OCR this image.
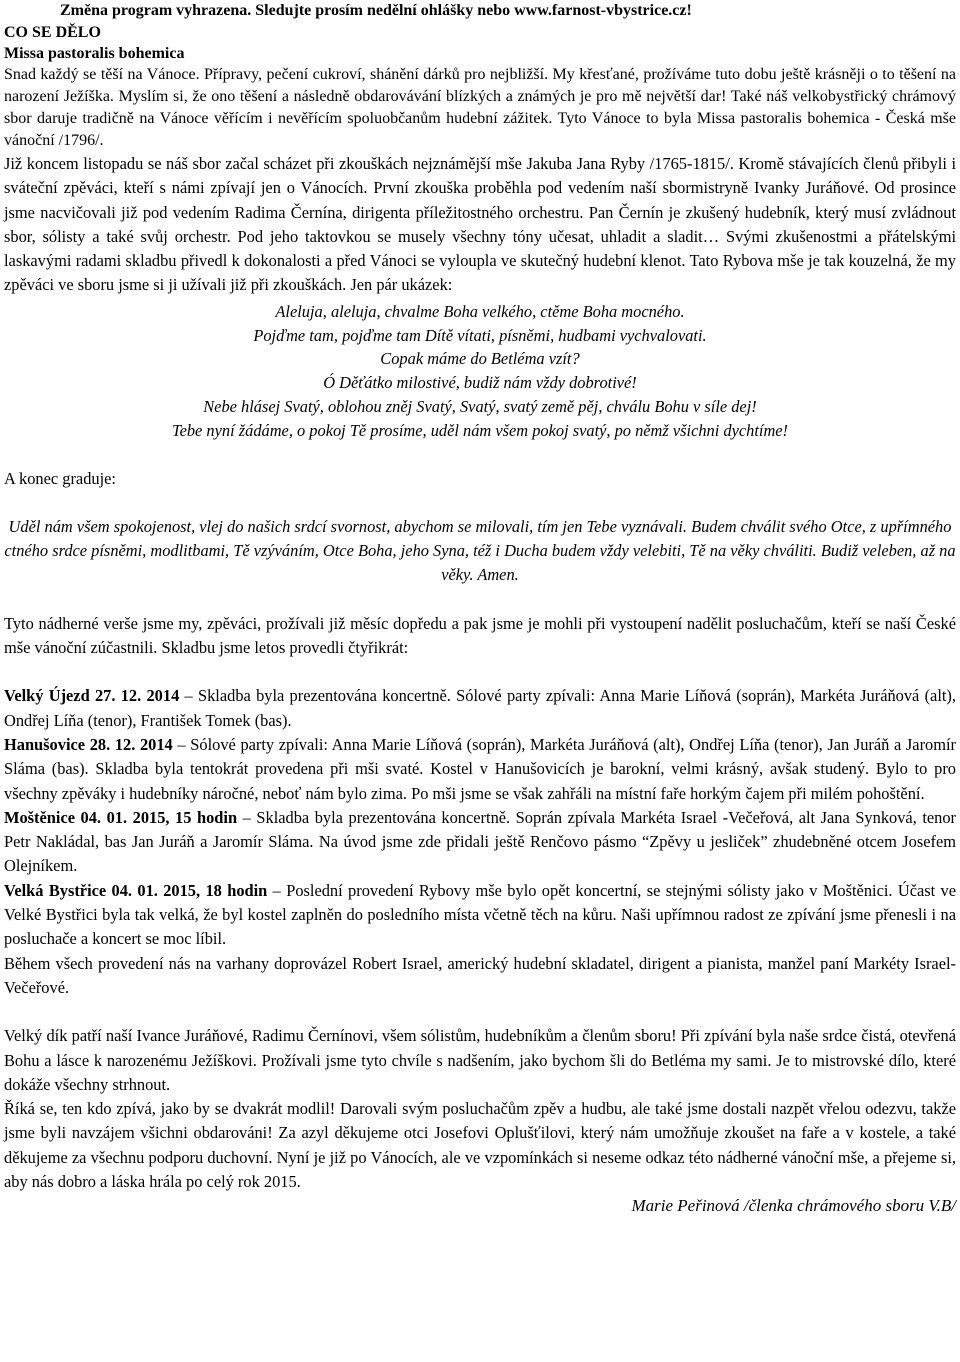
Změna program vyhrazena. Sledujte prosím nedělní ohlášky nebo www.farnost-vbystrice.cz!

CO SE DĚLO
Missa pastoralis bohemica

Snad každý se těší na Vánoce. Přípravy, pečení cukroví, shánění dárků pro nejbližší. My křesťané, prožíváme tuto dobu ještě krásněji o to těšení na narození Ježíška. Myslím si, že ono těšení a následně obdarovávání blízkých a známých je pro mě největší dar! Také náš velkobystřický chrámový sbor daruje tradičně na Vánoce věřícím i nevěřícím spoluobčanům hudební zážitek. Tyto Vánoce to byla Missa pastoralis bohemica - Česká mše vánoční /1796/.

Již koncem listopadu se náš sbor začal scházet při zkouškách nejznámější mše Jakuba Jana Ryby /1765-1815/. Kromě stávajících členů přibyli i sváteční zpěváci, kteří s námi zpívají jen o Vánocích. První zkouška proběhla pod vedením naší sbormistryně Ivanky Juráňové. Od prosince jsme nacvičovali již pod vedením Radima Černína, dirigenta příležitostného orchestru. Pan Černín je zkušený hudebník, který musí zvládnout sbor, sólisty a také svůj orchestr. Pod jeho taktovkou se musely všechny tóny učesat, uhladit a sladit… Svými zkušenostmi a přátelskými laskavými radami skladbu přivedl k dokonalosti a před Vánoci se vyloupla ve skutečný hudební klenot. Tato Rybova mše je tak kouzelná, že my zpěváci ve sboru jsme si ji užívali již při zkouškách. Jen pár ukázek:

Aleluja, aleluja, chvalme Boha velkého, ctěme Boha mocného.

Pojďme tam, pojďme tam Dítě vítati, písněmi, hudbami vychvalovati.

Copak máme do Betléma vzít?

Ó Děťátko milostivé, budiž nám vždy dobrotivé!

Nebe hlásej Svatý, oblohou zněj Svatý, Svatý, svatý země pěj, chválu Bohu v síle dej!

Tebe nyní žádáme, o pokoj Tě prosíme, uděl nám všem pokoj svatý, po němž všichni dychtíme!

A konec graduje:

Uděl nám všem spokojenost, vlej do našich srdcí svornost, abychom se milovali, tím jen Tebe vyznávali. Budem chválit svého Otce, z upřímného ctného srdce písněmi, modlitbami, Tě vzýváním, Otce Boha, jeho Syna, též i Ducha budem vždy velebiti, Tě na věky chváliti. Budiž veleben, až na věky. Amen.

Tyto nádherné verše jsme my, zpěváci, prožívali již měsíc dopředu a pak jsme je mohli při vystoupení nadělit posluchačům, kteří se naší České mše vánoční zúčastnili. Skladbu jsme letos provedli čtyřikrát:

Velký Újezd 27. 12. 2014 – Skladba byla prezentována koncertně. Sólové party zpívali: Anna Marie Líňová (soprán), Markéta Juráňová (alt), Ondřej Líňa (tenor), František Tomek (bas).

Hanušovice 28. 12. 2014 – Sólové party zpívali: Anna Marie Líňová (soprán), Markéta Juráňová (alt), Ondřej Líňa (tenor), Jan Juráň a Jaromír Sláma (bas). Skladba byla tentokrát provedena při mši svaté. Kostel v Hanušovicích je barokní, velmi krásný, avšak studený. Bylo to pro všechny zpěváky i hudebníky náročné, neboť nám bylo zima. Po mši jsme se však zahřáli na místní faře horkým čajem při milém pohoštění.

Moštěnice 04. 01. 2015, 15 hodin – Skladba byla prezentována koncertně. Soprán zpívala Markéta Israel -Večeřová, alt Jana Synková, tenor Petr Nakládal, bas Jan Juráň a Jaromír Sláma. Na úvod jsme zde přidali ještě Renčovo pásmo “Zpěvy u jesliček” zhudebněné otcem Josefem Olejníkem.

Velká Bystřice 04. 01. 2015, 18 hodin – Poslední provedení Rybovy mše bylo opět koncertní, se stejnými sólisty jako v Moštěnici. Účast ve Velké Bystřici byla tak velká, že byl kostel zaplněn do posledního místa včetně těch na kůru. Naši upřímnou radost ze zpívání jsme přenesli i na posluchače a koncert se moc líbil.

Během všech provedení nás na varhany doprovázel Robert Israel, americký hudební skladatel, dirigent a pianista, manžel paní Markéty Israel-Večeřové.

Velký dík patří naší Ivance Juráňové, Radimu Černínovi, všem sólistům, hudebníkům a členům sboru! Při zpívání byla naše srdce čistá, otevřená Bohu a lásce k narozenému Ježíškovi. Prožívali jsme tyto chvíle s nadšením, jako bychom šli do Betléma my sami. Je to mistrovské dílo, které dokáže všechny strhnout.

Říká se, ten kdo zpívá, jako by se dvakrát modlil! Darovali svým posluchačům zpěv a hudbu, ale také jsme dostali nazpět vřelou odezvu, takže jsme byli navzájem všichni obdarováni! Za azyl děkujeme otci Josefovi Oplušťilovi, který nám umožňuje zkoušet na faře a v kostele, a také děkujeme za všechnu podporu duchovní. Nyní je již po Vánocích, ale ve vzpomínkách si neseme odkaz této nádherné vánoční mše, a přejeme si, aby nás dobro a láska hrála po celý rok 2015.

Marie Peřinová /členka chrámového sboru V.B/
